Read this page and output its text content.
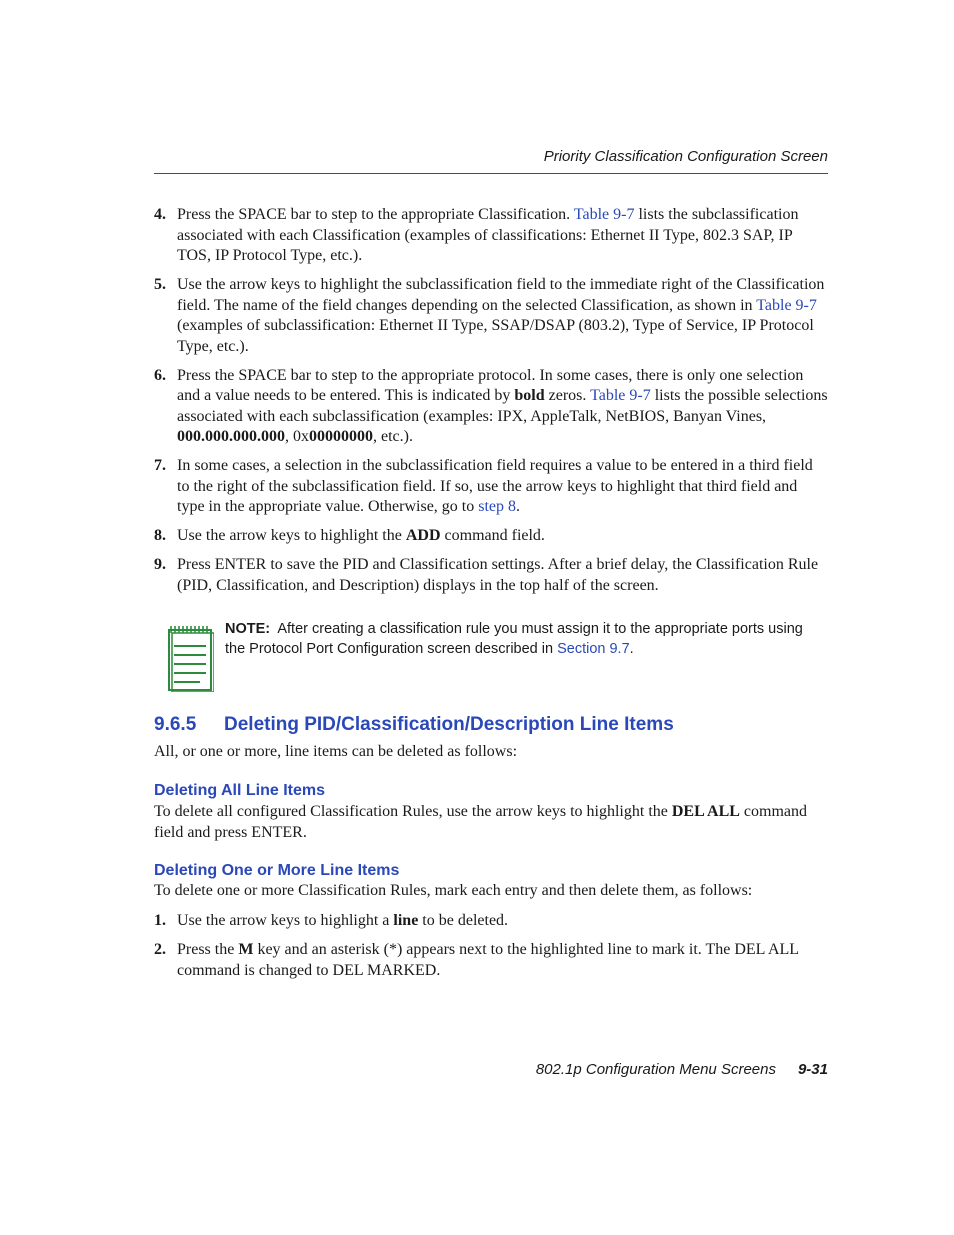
Priority Classification Configuration Screen
4. Press the SPACE bar to step to the appropriate Classification. Table 9-7 lists the subclassification associated with each Classification (examples of classifications: Ethernet II Type, 802.3 SAP, IP TOS, IP Protocol Type, etc.).
5. Use the arrow keys to highlight the subclassification field to the immediate right of the Classification field. The name of the field changes depending on the selected Classification, as shown in Table 9-7 (examples of subclassification: Ethernet II Type, SSAP/DSAP (803.2), Type of Service, IP Protocol Type, etc.).
6. Press the SPACE bar to step to the appropriate protocol. In some cases, there is only one selection and a value needs to be entered. This is indicated by bold zeros. Table 9-7 lists the possible selections associated with each subclassification (examples: IPX, AppleTalk, NetBIOS, Banyan Vines, 000.000.000.000, 0x00000000, etc.).
7. In some cases, a selection in the subclassification field requires a value to be entered in a third field to the right of the subclassification field. If so, use the arrow keys to highlight that third field and type in the appropriate value. Otherwise, go to step 8.
8. Use the arrow keys to highlight the ADD command field.
9. Press ENTER to save the PID and Classification settings. After a brief delay, the Classification Rule (PID, Classification, and Description) displays in the top half of the screen.
NOTE: After creating a classification rule you must assign it to the appropriate ports using the Protocol Port Configuration screen described in Section 9.7.
9.6.5 Deleting PID/Classification/Description Line Items
All, or one or more, line items can be deleted as follows:
Deleting All Line Items
To delete all configured Classification Rules, use the arrow keys to highlight the DEL ALL command field and press ENTER.
Deleting One or More Line Items
To delete one or more Classification Rules, mark each entry and then delete them, as follows:
1. Use the arrow keys to highlight a line to be deleted.
2. Press the M key and an asterisk (*) appears next to the highlighted line to mark it. The DEL ALL command is changed to DEL MARKED.
802.1p Configuration Menu Screens 9-31
